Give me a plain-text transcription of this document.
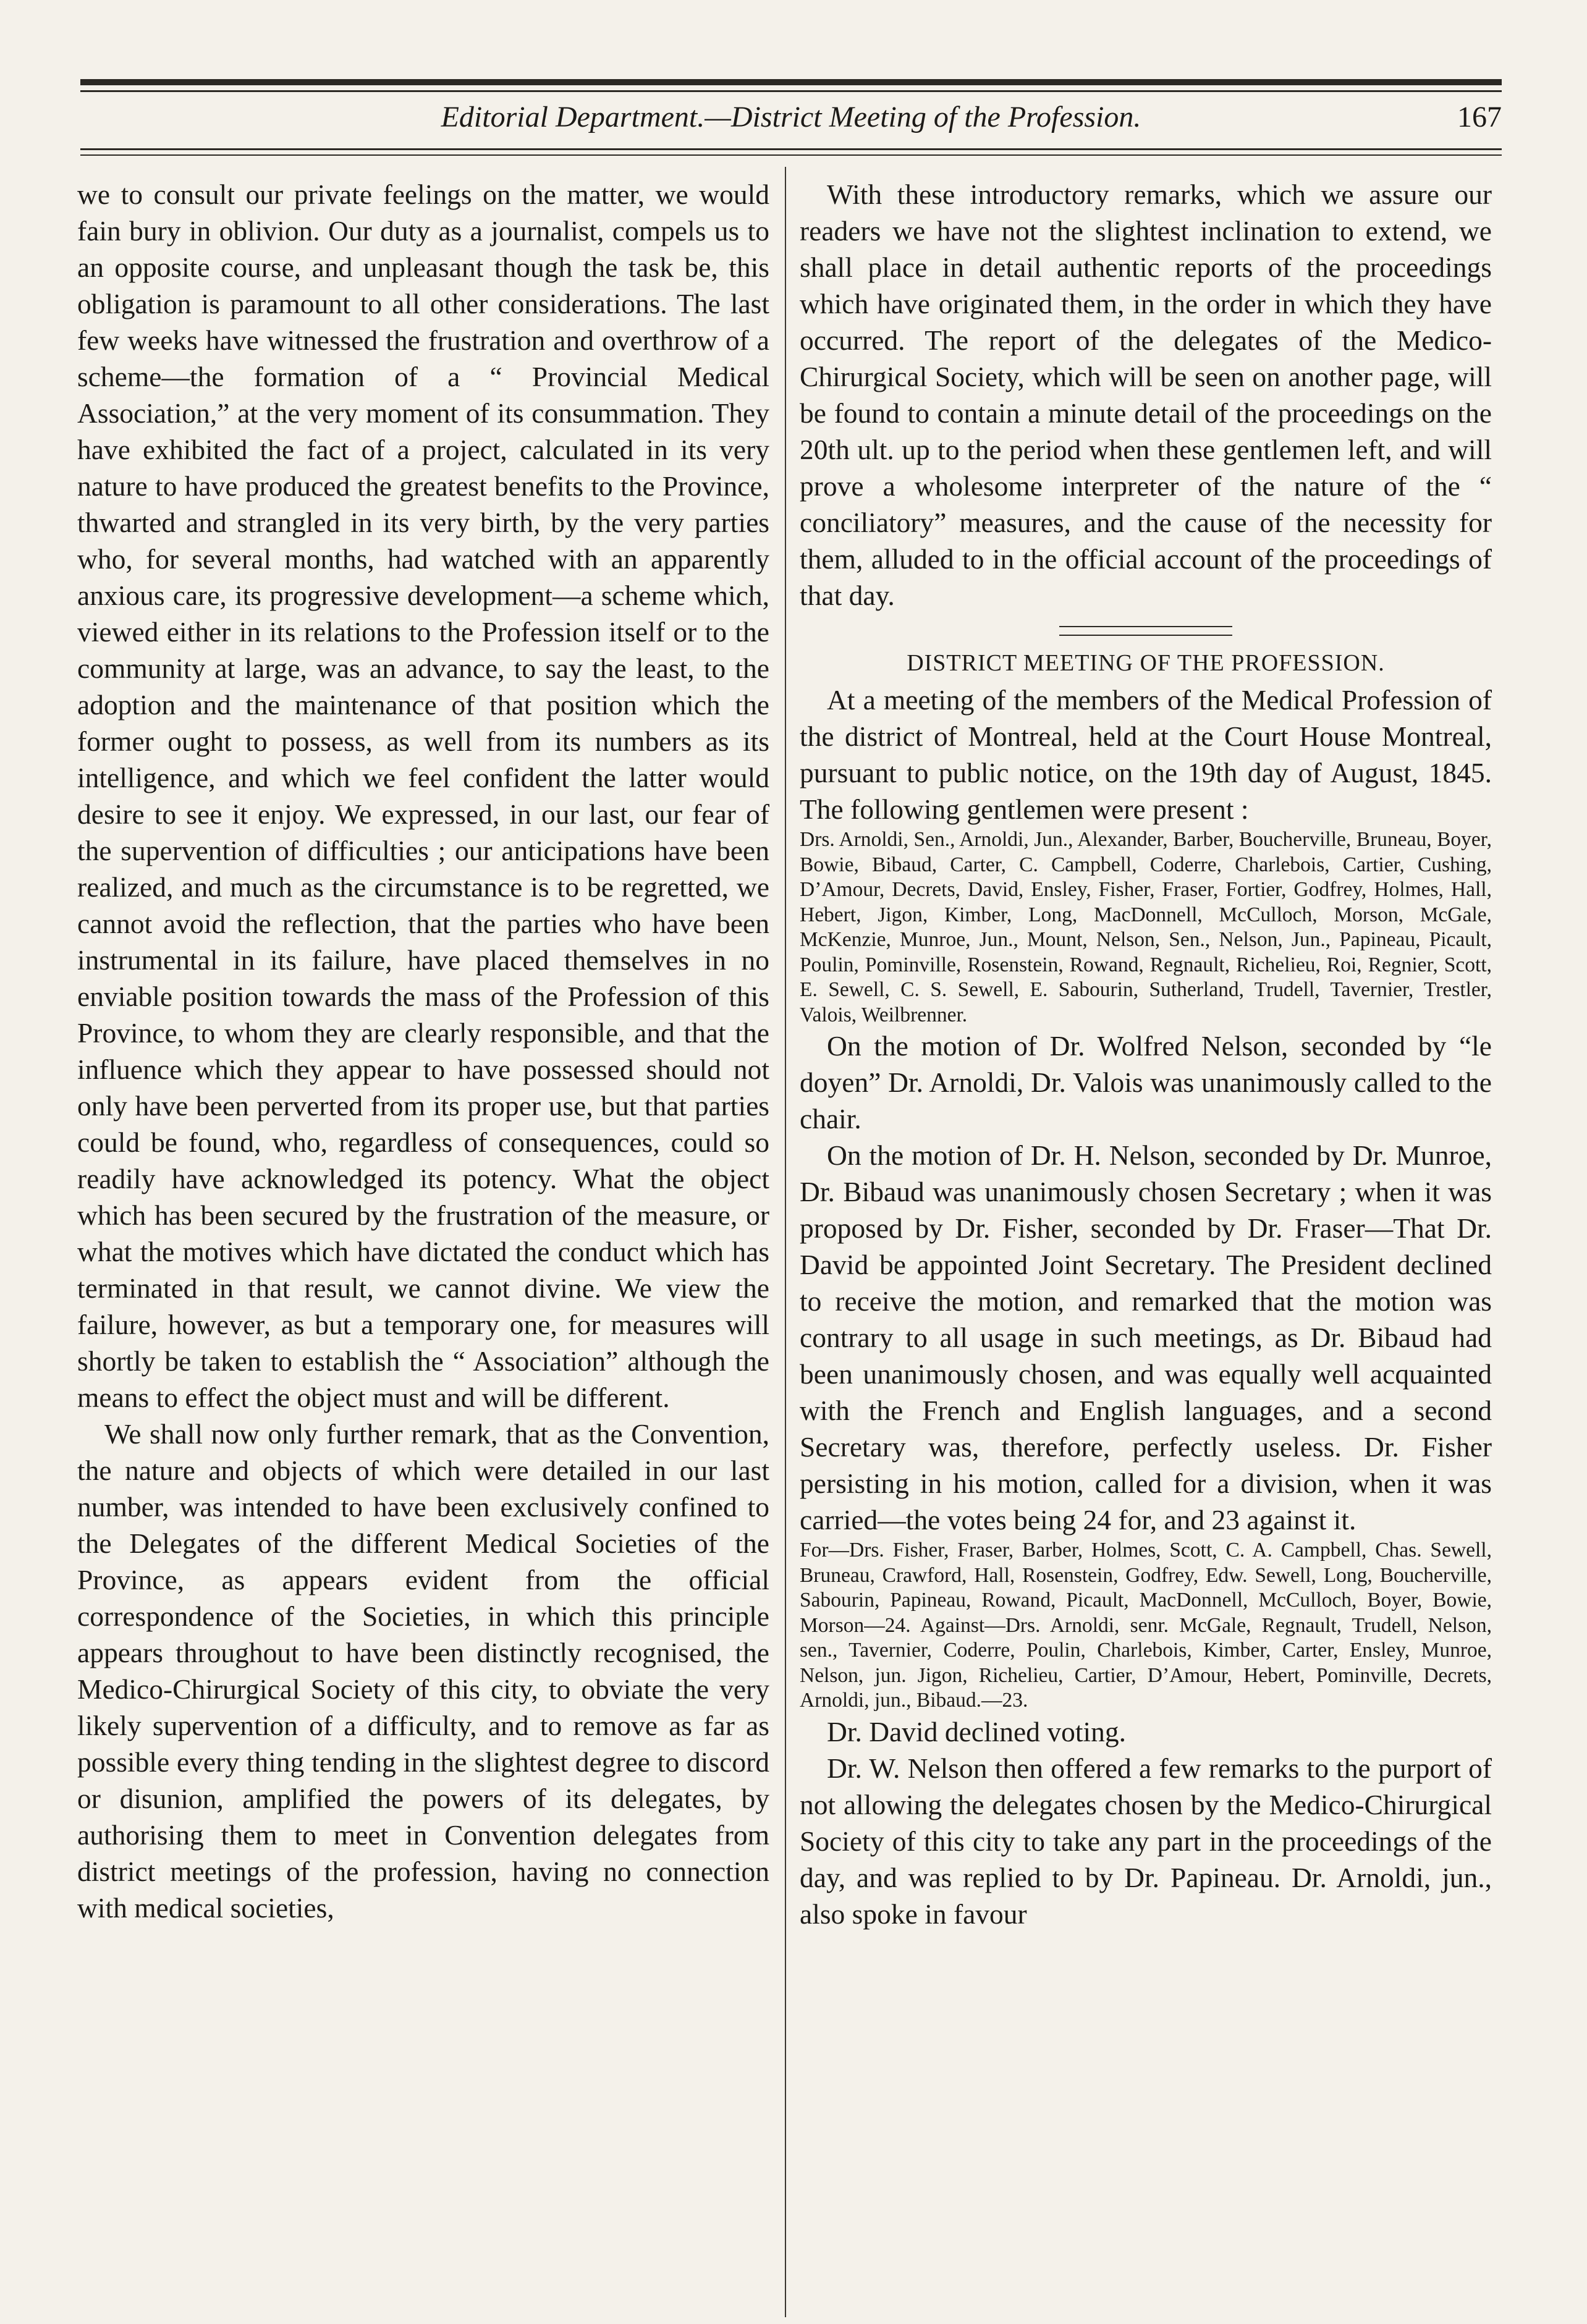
Editorial Department.—District Meeting of the Profession.	167

we to consult our private feelings on the matter, we would fain bury in oblivion. Our duty as a journalist, compels us to an opposite course, and unpleasant though the task be, this obligation is paramount to all other considerations. The last few weeks have witnessed the frustration and overthrow of a scheme—the formation of a “ Provincial Medical Association,” at the very moment of its consummation. They have exhibited the fact of a project, calculated in its very nature to have produced the greatest benefits to the Province, thwarted and strangled in its very birth, by the very parties who, for several months, had watched with an apparently anxious care, its progressive development—a scheme which, viewed either in its relations to the Profession itself or to the community at large, was an advance, to say the least, to the adoption and the maintenance of that position which the former ought to possess, as well from its numbers as its intelligence, and which we feel confident the latter would desire to see it enjoy. We expressed, in our last, our fear of the supervention of difficulties ; our anticipations have been realized, and much as the circumstance is to be regretted, we cannot avoid the reflection, that the parties who have been instrumental in its failure, have placed themselves in no enviable position towards the mass of the Profession of this Province, to whom they are clearly responsible, and that the influence which they appear to have possessed should not only have been perverted from its proper use, but that parties could be found, who, regardless of consequences, could so readily have acknowledged its potency. What the object which has been secured by the frustration of the measure, or what the motives which have dictated the conduct which has terminated in that result, we cannot divine. We view the failure, however, as but a temporary one, for measures will shortly be taken to establish the “ Association” although the means to effect the object must and will be different.

We shall now only further remark, that as the Convention, the nature and objects of which were detailed in our last number, was intended to have been exclusively confined to the Delegates of the different Medical Societies of the Province, as appears evident from the official correspondence of the Societies, in which this principle appears throughout to have been distinctly recognised, the Medico-Chirurgical Society of this city, to obviate the very likely supervention of a difficulty, and to remove as far as possible every thing tending in the slightest degree to discord or disunion, amplified the powers of its delegates, by authorising them to meet in Convention delegates from district meetings of the profession, having no connection with medical societies,

With these introductory remarks, which we assure our readers we have not the slightest inclination to extend, we shall place in detail authentic reports of the proceedings which have originated them, in the order in which they have occurred. The report of the delegates of the Medico-Chirurgical Society, which will be seen on another page, will be found to contain a minute detail of the proceedings on the 20th ult. up to the period when these gentlemen left, and will prove a wholesome interpreter of the nature of the “ conciliatory” measures, and the cause of the necessity for them, alluded to in the official account of the proceedings of that day.

DISTRICT MEETING OF THE PROFESSION.

At a meeting of the members of the Medical Profession of the district of Montreal, held at the Court House Montreal, pursuant to public notice, on the 19th day of August, 1845. The following gentlemen were present :

Drs. Arnoldi, Sen., Arnoldi, Jun., Alexander, Barber, Boucherville, Bruneau, Boyer, Bowie, Bibaud, Carter, C. Campbell, Coderre, Charlebois, Cartier, Cushing, D’Amour, Decrets, David, Ensley, Fisher, Fraser, Fortier, Godfrey, Holmes, Hall, Hebert, Jigon, Kimber, Long, MacDonnell, McCulloch, Morson, McGale, McKenzie, Munroe, Jun., Mount, Nelson, Sen., Nelson, Jun., Papineau, Picault, Poulin, Pominville, Rosenstein, Rowand, Regnault, Richelieu, Roi, Regnier, Scott, E. Sewell, C. S. Sewell, E. Sabourin, Sutherland, Trudell, Tavernier, Trestler, Valois, Weilbrenner.

On the motion of Dr. Wolfred Nelson, seconded by “le doyen” Dr. Arnoldi, Dr. Valois was unanimously called to the chair.

On the motion of Dr. H. Nelson, seconded by Dr. Munroe, Dr. Bibaud was unanimously chosen Secretary ; when it was proposed by Dr. Fisher, seconded by Dr. Fraser—That Dr. David be appointed Joint Secretary. The President declined to receive the motion, and remarked that the motion was contrary to all usage in such meetings, as Dr. Bibaud had been unanimously chosen, and was equally well acquainted with the French and English languages, and a second Secretary was, therefore, perfectly useless. Dr. Fisher persisting in his motion, called for a division, when it was carried—the votes being 24 for, and 23 against it.

For—Drs. Fisher, Fraser, Barber, Holmes, Scott, C. A. Campbell, Chas. Sewell, Bruneau, Crawford, Hall, Rosenstein, Godfrey, Edw. Sewell, Long, Boucherville, Sabourin, Papineau, Rowand, Picault, MacDonnell, McCulloch, Boyer, Bowie, Morson—24. Against—Drs. Arnoldi, senr. McGale, Regnault, Trudell, Nelson, sen., Tavernier, Coderre, Poulin, Charlebois, Kimber, Carter, Ensley, Munroe, Nelson, jun. Jigon, Richelieu, Cartier, D’Amour, Hebert, Pominville, Decrets, Arnoldi, jun., Bibaud.—23.

Dr. David declined voting.

Dr. W. Nelson then offered a few remarks to the purport of not allowing the delegates chosen by the Medico-Chirurgical Society of this city to take any part in the proceedings of the day, and was replied to by Dr. Papineau. Dr. Arnoldi, jun., also spoke in favour
